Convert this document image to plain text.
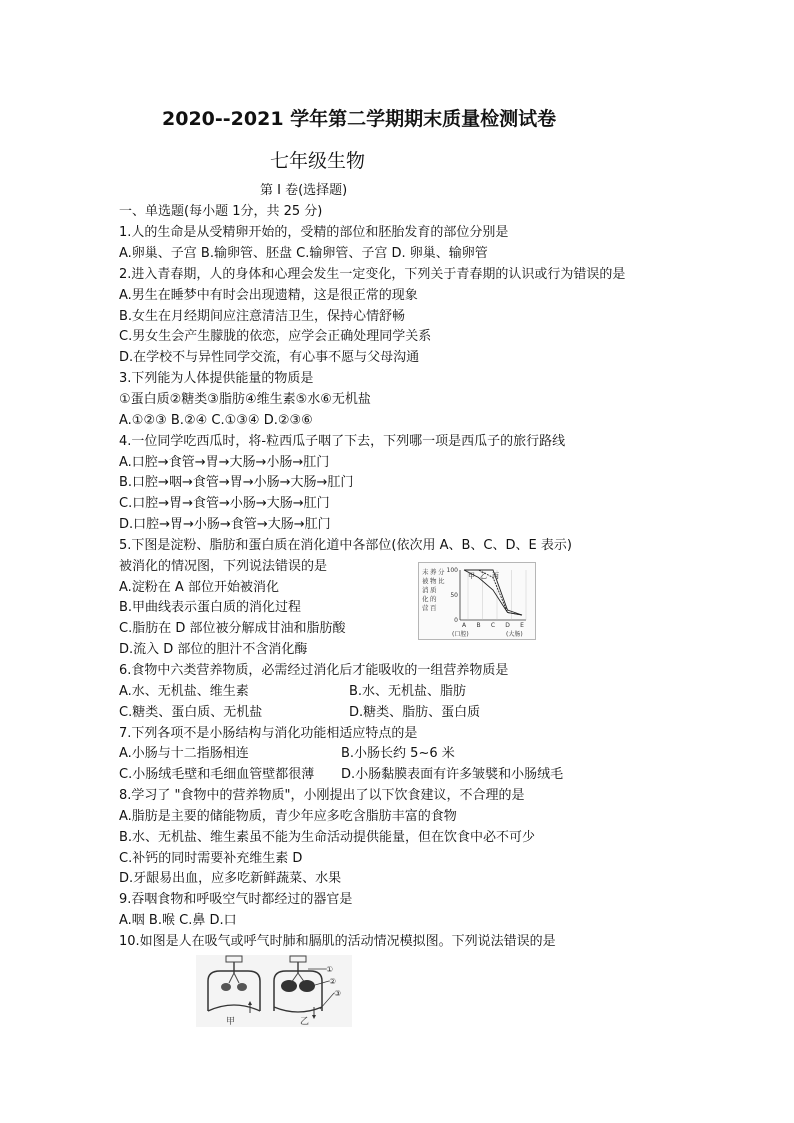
2020--2021 学年第二学期期末质量检测试卷
七年级生物
第 I 卷(选择题)
一、单选题(每小题 1分，共 25 分)
1.人的生命是从受精卵开始的，受精的部位和胚胎发育的部位分别是
A.卵巢、子宫 B.输卵管、胚盘 C.输卵管、子宫 D. 卵巢、输卵管
2.进入青春期，人的身体和心理会发生一定变化，下列关于青春期的认识或行为错误的是
A.男生在睡梦中有时会出现遗精，这是很正常的现象
B.女生在月经期间应注意清洁卫生，保持心情舒畅
C.男女生会产生朦胧的依恋，应学会正确处理同学关系
D.在学校不与异性同学交流，有心事不愿与父母沟通
3.下列能为人体提供能量的物质是
①蛋白质②糖类③脂肪④维生素⑤水⑥无机盐
A.①②③ B.②④ C.①③④ D.②③⑥
4.一位同学吃西瓜时，将-粒西瓜子咽了下去，下列哪一项是西瓜子的旅行路线
A.口腔→食管→胃→大肠→小肠→肛门
B.口腔→咽→食管→胃→小肠→大肠→肛门
C.口腔→胃→食管→小肠→大肠→肛门
D.口腔→胃→小肠→食管→大肠→肛门
5.下图是淀粉、脂肪和蛋白质在消化道中各部位(依次用 A、B、C、D、E 表示)
被消化的情况图，下列说法错误的是
A.淀粉在 A 部位开始被消化
B.甲曲线表示蛋白质的消化过程
C.脂肪在 D 部位被分解成甘油和脂肪酸
D.流入 D 部位的胆汁不含消化酶
未
被
消
化
营
养
物
质
的
百
分
比
100
50
0
A B C D E
甲 乙 丙
(口腔)	(大肠)
6.食物中六类营养物质，必需经过消化后才能吸收的一组营养物质是
A.水、无机盐、维生素	B.水、无机盐、脂肪
C.糖类、蛋白质、无机盐	D.糖类、脂肪、蛋白质
7.下列各项不是小肠结构与消化功能相适应特点的是
A.小肠与十二指肠相连	B.小肠长约 5~6 米
C.小肠绒毛壁和毛细血管壁都很薄 D.小肠黏膜表面有许多皱襞和小肠绒毛
8.学习了 "食物中的营养物质"，小刚提出了以下饮食建议，不合理的是
A.脂肪是主要的储能物质，青少年应多吃含脂肪丰富的食物
B.水、无机盐、维生素虽不能为生命活动提供能量，但在饮食中必不可少
C.补钙的同时需要补充维生素 D
D.牙龈易出血，应多吃新鲜蔬菜、水果
9.吞咽食物和呼吸空气时都经过的器官是
A.咽 B.喉 C.鼻 D.口
10.如图是人在吸气或呼气时肺和膈肌的活动情况模拟图。下列说法错误的是
甲
①
②
③
乙
